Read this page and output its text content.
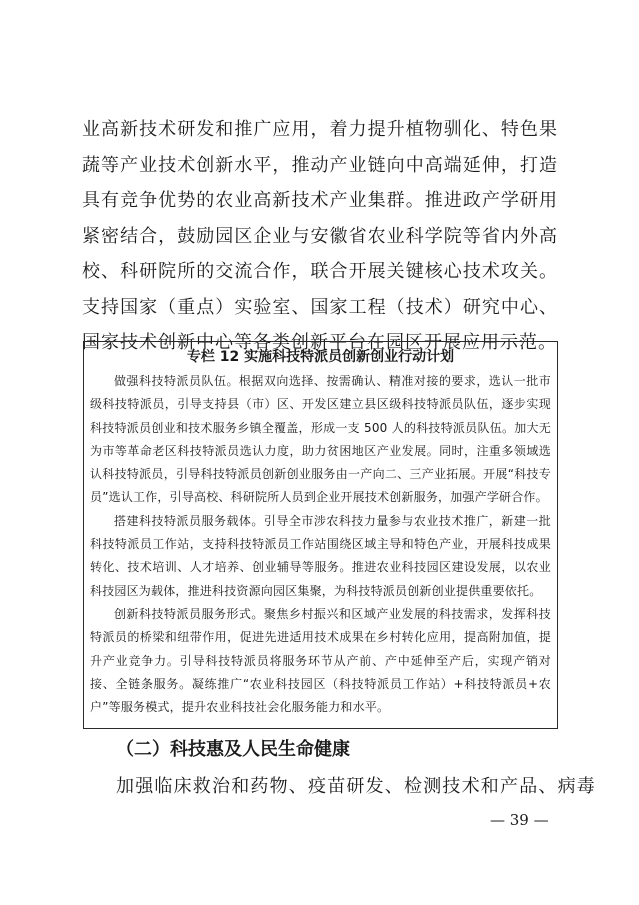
业高新技术研发和推广应用，着力提升植物驯化、特色果蔬等产业技术创新水平，推动产业链向中高端延伸，打造具有竞争优势的农业高新技术产业集群。推进政产学研用紧密结合，鼓励园区企业与安徽省农业科学院等省内外高校、科研院所的交流合作，联合开展关键核心技术攻关。支持国家（重点）实验室、国家工程（技术）研究中心、国家技术创新中心等各类创新平台在园区开展应用示范。

专栏 12 实施科技特派员创新创业行动计划

做强科技特派员队伍。根据双向选择、按需确认、精准对接的要求，选认一批市级科技特派员，引导支持县（市）区、开发区建立县区级科技特派员队伍，逐步实现科技特派员创业和技术服务乡镇全覆盖，形成一支 500 人的科技特派员队伍。加大无为市等革命老区科技特派员选认力度，助力贫困地区产业发展。同时，注重多领域选认科技特派员，引导科技特派员创新创业服务由一产向二、三产业拓展。开展“科技专员”选认工作，引导高校、科研院所人员到企业开展技术创新服务，加强产学研合作。

搭建科技特派员服务载体。引导全市涉农科技力量参与农业技术推广，新建一批科技特派员工作站，支持科技特派员工作站围绕区域主导和特色产业，开展科技成果转化、技术培训、人才培养、创业辅导等服务。推进农业科技园区建设发展，以农业科技园区为载体，推进科技资源向园区集聚，为科技特派员创新创业提供重要依托。

创新科技特派员服务形式。聚焦乡村振兴和区域产业发展的科技需求，发挥科技特派员的桥梁和纽带作用，促进先进适用技术成果在乡村转化应用，提高附加值，提升产业竞争力。引导科技特派员将服务环节从产前、产中延伸至产后，实现产销对接、全链条服务。凝练推广“农业科技园区（科技特派员工作站）+科技特派员+农户”等服务模式，提升农业科技社会化服务能力和水平。

（二）科技惠及人民生命健康

加强临床救治和药物、疫苗研发、检测技术和产品、病毒

— 39 —
